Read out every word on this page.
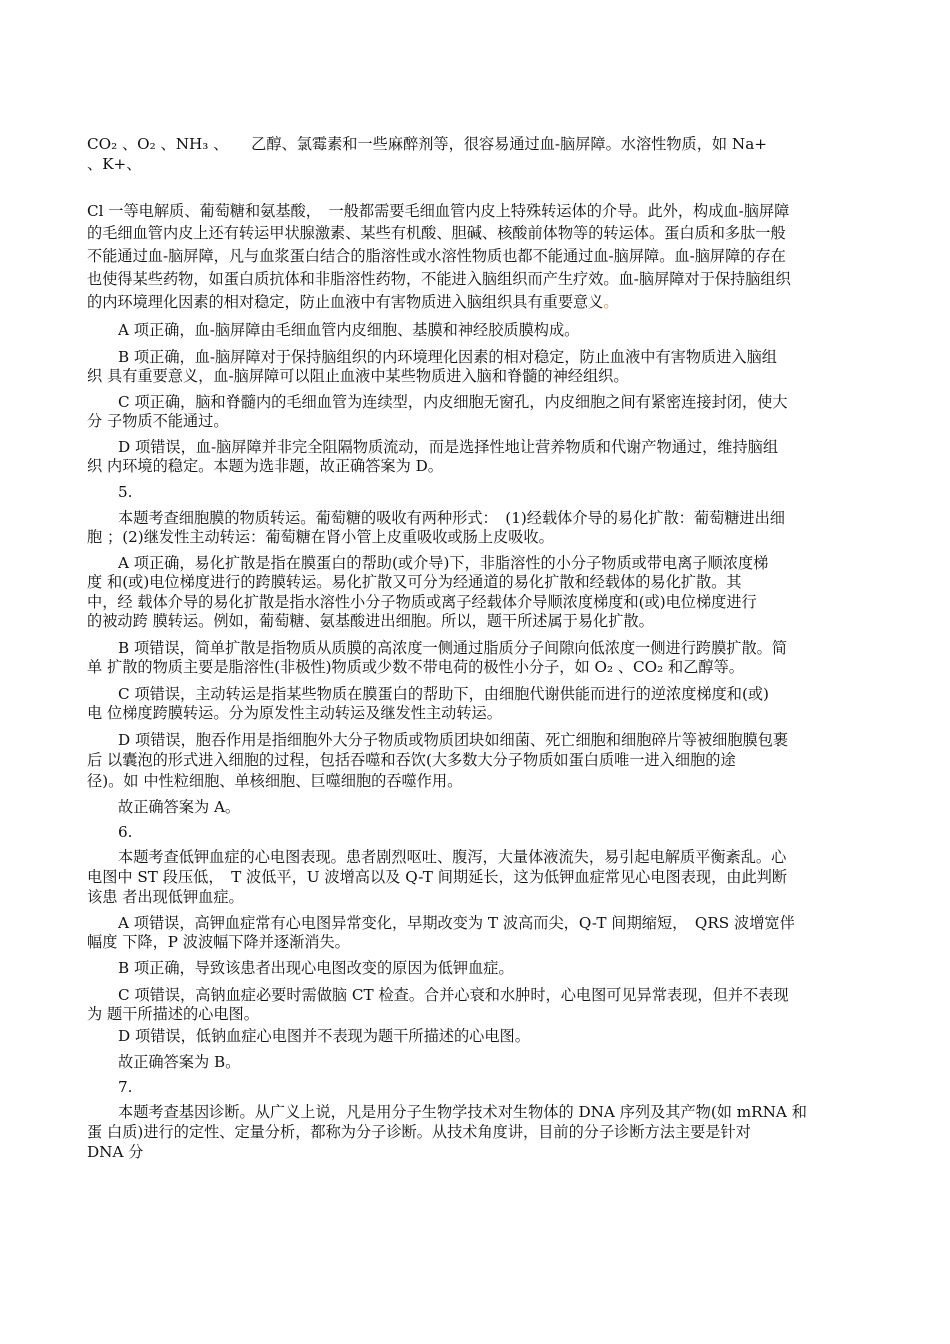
CO₂ 、O₂ 、NH₃ 、　　乙醇、氯霉素和一些麻醉剂等，很容易通过血-脑屏障。水溶性物质，如 Na+

、K+、

Cl 一等电解质、葡萄糖和氨基酸，　一般都需要毛细血管内皮上特殊转运体的介导。此外，构成血-脑屏障

的毛细血管内皮上还有转运甲状腺激素、某些有机酸、胆碱、核酸前体物等的转运体。蛋白质和多肽一般

不能通过血-脑屏障，凡与血浆蛋白结合的脂溶性或水溶性物质也都不能通过血-脑屏障。血-脑屏障的存在

也使得某些药物，如蛋白质抗体和非脂溶性药物，不能进入脑组织而产生疗效。血-脑屏障对于保持脑组织

的内环境理化因素的相对稳定，防止血液中有害物质进入脑组织具有重要意义。

A 项正确，血-脑屏障由毛细血管内皮细胞、基膜和神经胶质膜构成。

B 项正确，血-脑屏障对于保持脑组织的内环境理化因素的相对稳定，防止血液中有害物质进入脑组

织 具有重要意义，血-脑屏障可以阻止血液中某些物质进入脑和脊髓的神经组织。

C 项正确，脑和脊髓内的毛细血管为连续型，内皮细胞无窗孔，内皮细胞之间有紧密连接封闭，使大

分 子物质不能通过。

D 项错误，血-脑屏障并非完全阻隔物质流动，而是选择性地让营养物质和代谢产物通过，维持脑组

织 内环境的稳定。本题为选非题，故正确答案为 D。

5.

本题考查细胞膜的物质转运。葡萄糖的吸收有两种形式：　(1)经载体介导的易化扩散：葡萄糖进出细

胞 ；(2)继发性主动转运：葡萄糖在肾小管上皮重吸收或肠上皮吸收。

A 项正确，易化扩散是指在膜蛋白的帮助(或介导)下，非脂溶性的小分子物质或带电离子顺浓度梯

度 和(或)电位梯度进行的跨膜转运。易化扩散又可分为经通道的易化扩散和经载体的易化扩散。其

中，经 载体介导的易化扩散是指水溶性小分子物质或离子经载体介导顺浓度梯度和(或)电位梯度进行

的被动跨 膜转运。例如，葡萄糖、氨基酸进出细胞。所以，题干所述属于易化扩散。

B 项错误，简单扩散是指物质从质膜的高浓度一侧通过脂质分子间隙向低浓度一侧进行跨膜扩散。简

单 扩散的物质主要是脂溶性(非极性)物质或少数不带电荷的极性小分子，如 O₂ 、CO₂ 和乙醇等。

C 项错误，主动转运是指某些物质在膜蛋白的帮助下，由细胞代谢供能而进行的逆浓度梯度和(或)

电 位梯度跨膜转运。分为原发性主动转运及继发性主动转运。

D 项错误，胞吞作用是指细胞外大分子物质或物质团块如细菌、死亡细胞和细胞碎片等被细胞膜包裹

后 以囊泡的形式进入细胞的过程，包括吞噬和吞饮(大多数大分子物质如蛋白质唯一进入细胞的途

径)。如 中性粒细胞、单核细胞、巨噬细胞的吞噬作用。

故正确答案为 A。

6.

本题考查低钾血症的心电图表现。患者剧烈呕吐、腹泻，大量体液流失，易引起电解质平衡紊乱。心

电图中 ST 段压低，　T 波低平，U 波增高以及 Q-T 间期延长，这为低钾血症常见心电图表现，由此判断

该患 者出现低钾血症。

A 项错误，高钾血症常有心电图异常变化，早期改变为 T 波高而尖，Q-T 间期缩短，　QRS 波增宽伴

幅度 下降，P 波波幅下降并逐渐消失。

B 项正确，导致该患者出现心电图改变的原因为低钾血症。

C 项错误，高钠血症必要时需做脑 CT 检查。合并心衰和水肿时，心电图可见异常表现，但并不表现

为 题干所描述的心电图。

D 项错误，低钠血症心电图并不表现为题干所描述的心电图。

故正确答案为 B。

7.

本题考查基因诊断。从广义上说，凡是用分子生物学技术对生物体的 DNA 序列及其产物(如 mRNA 和

蛋 白质)进行的定性、定量分析，都称为分子诊断。从技术角度讲，目前的分子诊断方法主要是针对

DNA 分
